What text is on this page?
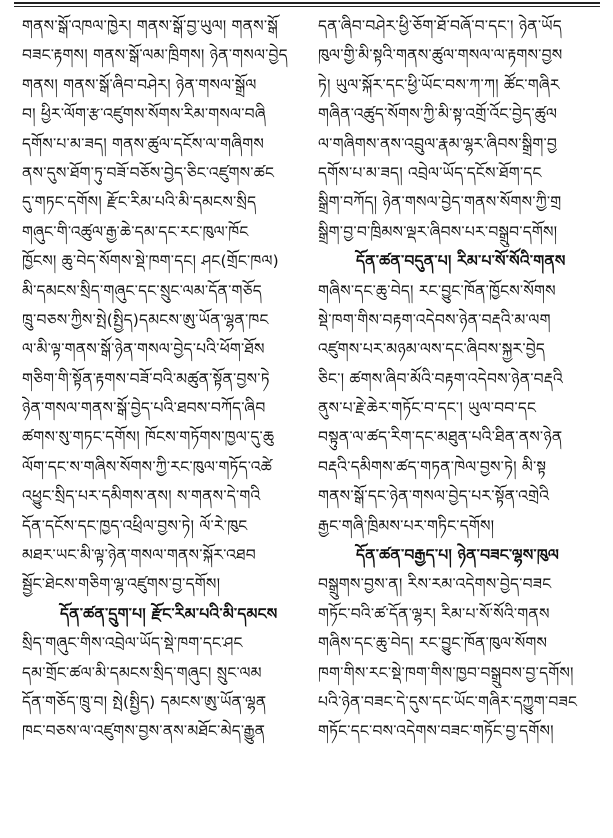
གནས་སྒོ་འཁལ་ཁྱེར། གནས་སྒོ་བྱ་ཡུལ། གནས་སྒོ
བཟང་རྟགས། གནས་སྒོ་ལམ་ཁྲིགས། ཉེན་གསལ་བྱེད
གནས། གནས་སྒོ་ཞིབ་བཤེར། ཉེན་གསལ་སྒྲོལ
བ། ཕྱིར་ལོག་རྩ་འཛུགས་སོགས་རིམ་གསལ་བཞི
དགོས་པ་མ་ཟད། གནས་ཚུལ་དངོས་ལ་གཞིགས
ནས་དུས་ཐོག་ཏུ་བཟོ་བཅོས་བྱེད་ཅིང་འཛུགས་ཚང
དུ་གཏང་དགོས། རྫོང་རིམ་པའི་མི་དམངས་སྲིད
གཞུང་གི་འཚུལ་རྒྱ་ཆེ་དམ་དང་རང་ཁུལ་ཁོང
ཁྱོངས། ཆུ་བེད་སོགས་སྡེ་ཁག་དང། ཤང(གྲོང་ཁལ)
མི་དམངས་སྲིད་གཞུང་དང་སྲུང་ལམ་དོན་གཅོད
ཁྲུ་བཅས་ཀྱིས་སྤེ(སྤྱིད)དམངས་ཨུ་ཡོན་ལྷན་ཁང
ལ་མི་ལྟ་གནས་སྒོ་ཉེན་གསལ་བྱེད་པའི་ཕོག་ཐོས
གཅིག་གི་སྟོན་རྟགས་བཟོ་བའི་མཚུན་སྟོན་བྱས་ཏེ
ཉེན་གསལ་གནས་སྒོ་བྱེད་པའི་ཐབས་བཀོད་ཞིབ
ཚགས་སུ་གཏང་དགོས། ཁོངས་གཏོགས་ཁྱལ་དུ་ཆུ
ལོག་དང་ས་གཞིས་སོགས་ཀྱི་རང་ཁུལ་གཏོད་འཚེ
འཕྱུང་སྲིད་པར་དམིགས་ནས། ས་གནས་དེ་གའི
དོན་དངོས་དང་ཁྱད་འཕྲིལ་བྱས་ཏེ། ལོ་རེ་ཁུང
མཐར་ཡང་མི་ལྟ་ཉེན་གསལ་གནས་སྐོར་འཐབ
སྦྱོང་ཐེངས་གཅིག་ལྷ་འཛུགས་བྱ་དགོས།
དོན་ཚན་དྲུག་པ། རྫོང་རིམ་པའི་མི་དམངས
སྲིད་གཞུང་གིས་འབྲེལ་ཡོད་སྡེ་ཁག་དང་ཤང
དམ་གྲོང་ཚལ་མི་དམངས་སྲིད་གཞུང། སྲུང་ལམ
དོན་གཅོད་ཁྲུ་བ། སྤེ(སྤྱིད) དམངས་ཨུ་ཡོན་ལྷན
ཁང་བཅས་ལ་འཛུགས་བྱས་ནས་མཐོང་མེད་རྒྱུན
དན་ཞིབ་བཤེར་ཕྱི་ཅོག་ཐོ་བཞོ་བ་དང་། ཉེན་ཡོད
ཁུལ་གྱི་མི་སྟའི་གནས་ཚུལ་གསལ་ལ་རྟགས་བྱས
ཏེ། ཡུལ་སྐོར་དང་ཕྱི་ཡོང་བས་ཀ་ཀ། ཚོང་གཞིར
གཞིན་འཚུད་སོགས་ཀྱི་མི་སྟ་འགྲོ་འོང་བྱེད་ཚུལ
ལ་གཞིགས་ནས་འབྲུལ་རྣམ་ལྷར་ཞིབས་སྒྲིག་བྱ
དགོས་པ་མ་ཟད། འབྲེལ་ཡོད་དངོས་ཐོག་དང
སྒྲིག་བཀོད། ཉེན་གསལ་བྱེད་གནས་སོགས་ཀྱི་གྲ
སྒྲིག་བྱ་བ་ཁྲིམས་ལྡར་ཞིབས་པར་བསྒྲུབ་དགོས།
དོན་ཚན་བདུན་པ། རིམ་པ་སོ་སོའི་གནས
གཞིས་དང་ཆུ་བེད། རང་བྱུང་ཁོན་ཁྱོངས་སོགས
སྡེ་ཁག་གིས་བརྟག་འདེབས་ཉེན་བརྡའི་མ་ལག
འཛུགས་པར་མཉམ་ལས་དང་ཞིབས་སྐྱར་བྱེད
ཅིང་། ཚགས་ཞིབ་མོའི་བརྟག་འདེབས་ཉེན་བརྡའི
ནུས་པ་རྗེ་ཆེར་གཏོང་བ་དང་། ཡུལ་བབ་དང
བསྟུན་ལ་ཚད་རིག་དང་མཐུན་པའི་ཐིན་ནས་ཉེན
བརྡའི་དམིགས་ཚད་གཏན་ཁེལ་བྱས་ཏེ། མི་སྟ
གནས་སྒོ་དང་ཉེན་གསལ་བྱེད་པར་སྟོན་འགྲེའི
རྒྱང་གཞི་ཁྲིམས་པར་གཏིང་དགོས།
དོན་ཚན་བརྒྱད་པ། ཉེན་བཟང་ལྷས་ཁུལ
བསྒྲུགས་བྱས་ན། རིས་རམ་འདེགས་བྱེད་བཟང
གཏོང་བའི་ཚ་དོན་ལྷར། རིམ་པ་སོ་སོའི་གནས
གཞིས་དང་ཆུ་བེད། རང་བྱུང་ཁོན་ཁུལ་སོགས
ཁག་གིས་རང་སྡེ་ཁག་གིས་ཁྱབ་བསྒྲུབས་བྱ་དགོས།
པའི་ཉེན་བཟང་དེ་དུས་དང་ཡོང་གཞིར་དཀྱུག་བཟང
གཏོང་དང་བས་འདེགས་བཟང་གཏོང་བྱ་དགོས།
